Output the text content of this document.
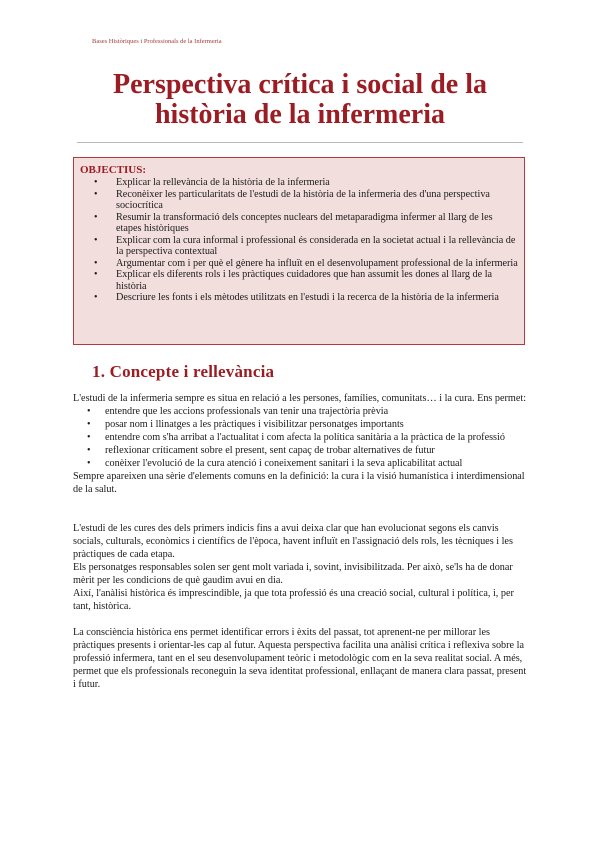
Bases Històriques i Professionals de la Infermeria
Perspectiva crítica i social de la
història de la infermeria
OBJECTIUS:
• Explicar la rellevància de la història de la infermeria
• Reconèixer les particularitats de l'estudi de la història de la infermeria des d'una perspectiva sociocrítica
• Resumir la transformació dels conceptes nuclears del metaparadigma infermer al llarg de les etapes històriques
• Explicar com la cura informal i professional és considerada en la societat actual i la rellevància de la perspectiva contextual
• Argumentar com i per què el gènere ha influït en el desenvolupament professional de la infermeria
• Explicar els diferents rols i les pràctiques cuidadores que han assumit les dones al llarg de la història
• Descriure les fonts i els mètodes utilitzats en l'estudi i la recerca de la història de la infermeria
1. Concepte i rellevància

L'estudi de la infermeria sempre es situa en relació a les persones, famílies, comunitats… i la cura. Ens permet:

• entendre que les accions professionals van tenir una trajectòria prèvia
• posar nom i llinatges a les pràctiques i visibilitzar personatges importants
• entendre com s'ha arribat a l'actualitat i com afecta la política sanitària a la pràctica de la professió
• reflexionar críticament sobre el present, sent capaç de trobar alternatives de futur
• conèixer l'evolució de la cura atenció i coneixement sanitari i la seva aplicabilitat actual

Sempre apareixen una sèrie d'elements comuns en la definició: la cura i la visió humanística i interdimensional de la salut.

L'estudi de les cures des dels primers indicis fins a avui deixa clar que han evolucionat segons els canvis socials, culturals, econòmics i científics de l'època, havent influït en l'assignació dels rols, les tècniques i les pràctiques de cada etapa.

Els personatges responsables solen ser gent molt variada i, sovint, invisibilitzada. Per això, se'ls ha de donar mèrit per les condicions de què gaudim avui en dia.

Així, l'anàlisi històrica és imprescindible, ja que tota professió és una creació social, cultural i política, i, per tant, històrica.

La consciència històrica ens permet identificar errors i èxits del passat, tot aprenent-ne per millorar les pràctiques presents i orientar-les cap al futur. Aquesta perspectiva facilita una anàlisi crítica i reflexiva sobre la professió infermera, tant en el seu desenvolupament teòric i metodològic com en la seva realitat social. A més, permet que els professionals reconeguin la seva identitat professional, enllaçant de manera clara passat, present i futur.
